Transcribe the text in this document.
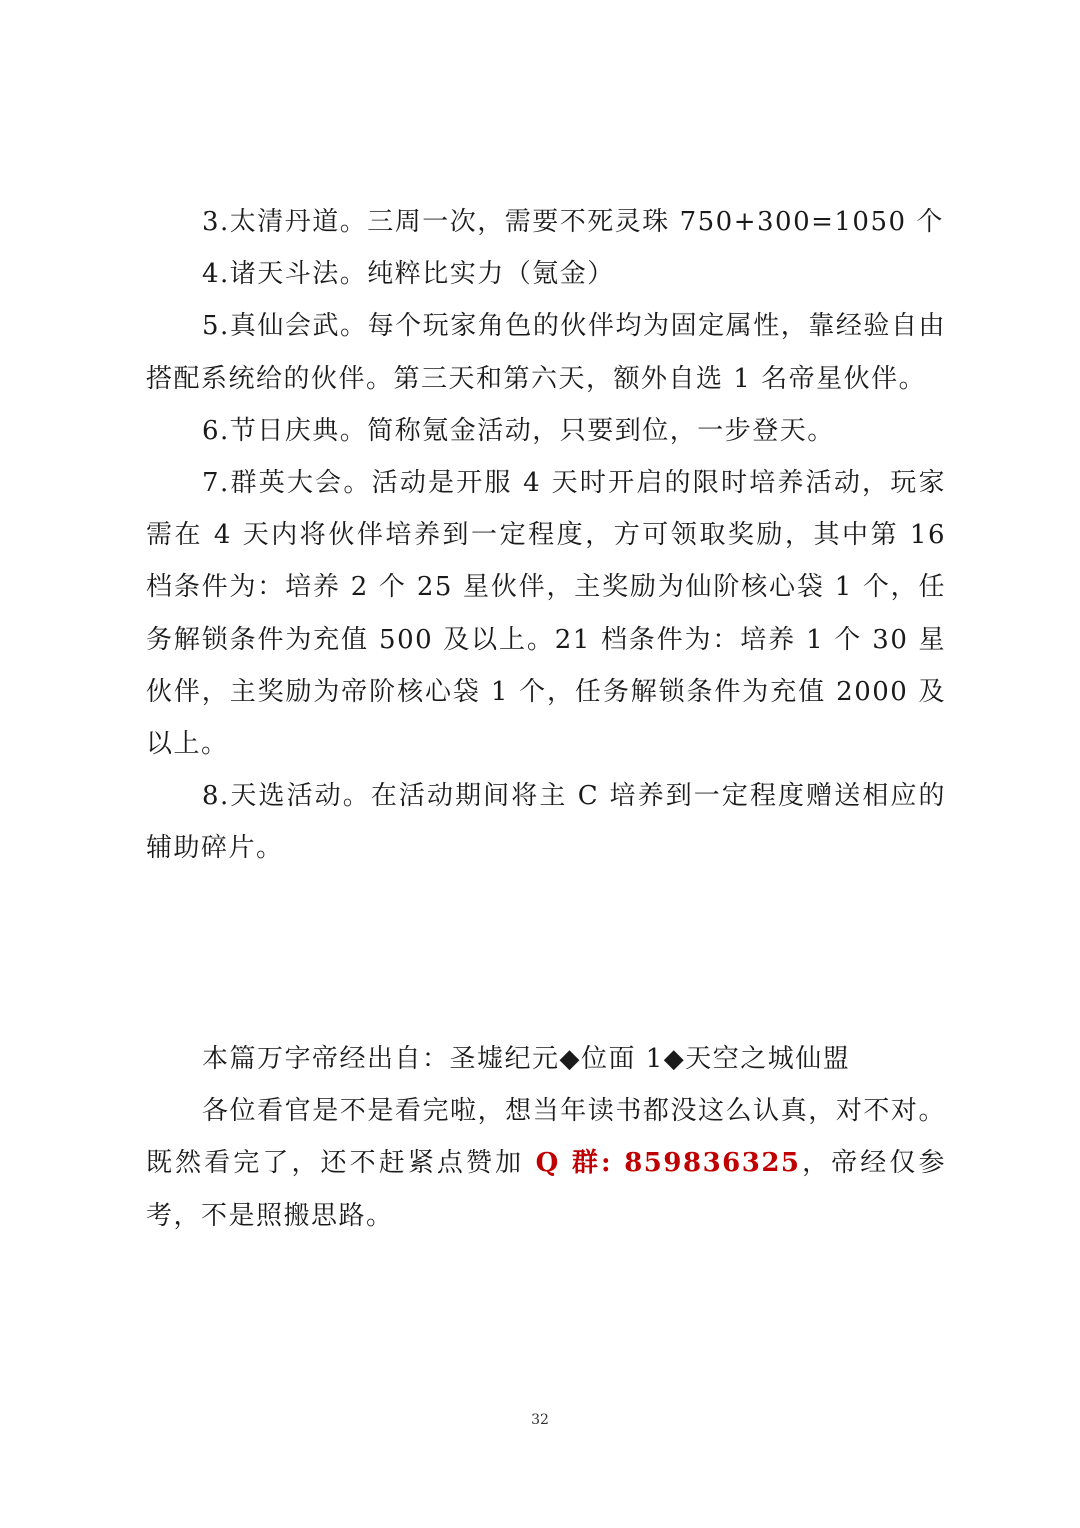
3.太清丹道。三周一次，需要不死灵珠 750+300=1050 个

4.诸天斗法。纯粹比实力（氪金）

5.真仙会武。每个玩家角色的伙伴均为固定属性，靠经验自由搭配系统给的伙伴。第三天和第六天，额外自选 1 名帝星伙伴。

6.节日庆典。简称氪金活动，只要到位，一步登天。

7.群英大会。活动是开服 4 天时开启的限时培养活动，玩家需在 4 天内将伙伴培养到一定程度，方可领取奖励，其中第 16 档条件为：培养 2 个 25 星伙伴，主奖励为仙阶核心袋 1 个，任务解锁条件为充值 500 及以上。21 档条件为：培养 1 个 30 星伙伴，主奖励为帝阶核心袋 1 个，任务解锁条件为充值 2000 及以上。

8.天选活动。在活动期间将主 C 培养到一定程度赠送相应的辅助碎片。

本篇万字帝经出自：圣墟纪元◆位面 1◆天空之城仙盟

各位看官是不是看完啦，想当年读书都没这么认真，对不对。既然看完了，还不赶紧点赞加 Q 群: 859836325，帝经仅参考，不是照搬思路。

32
